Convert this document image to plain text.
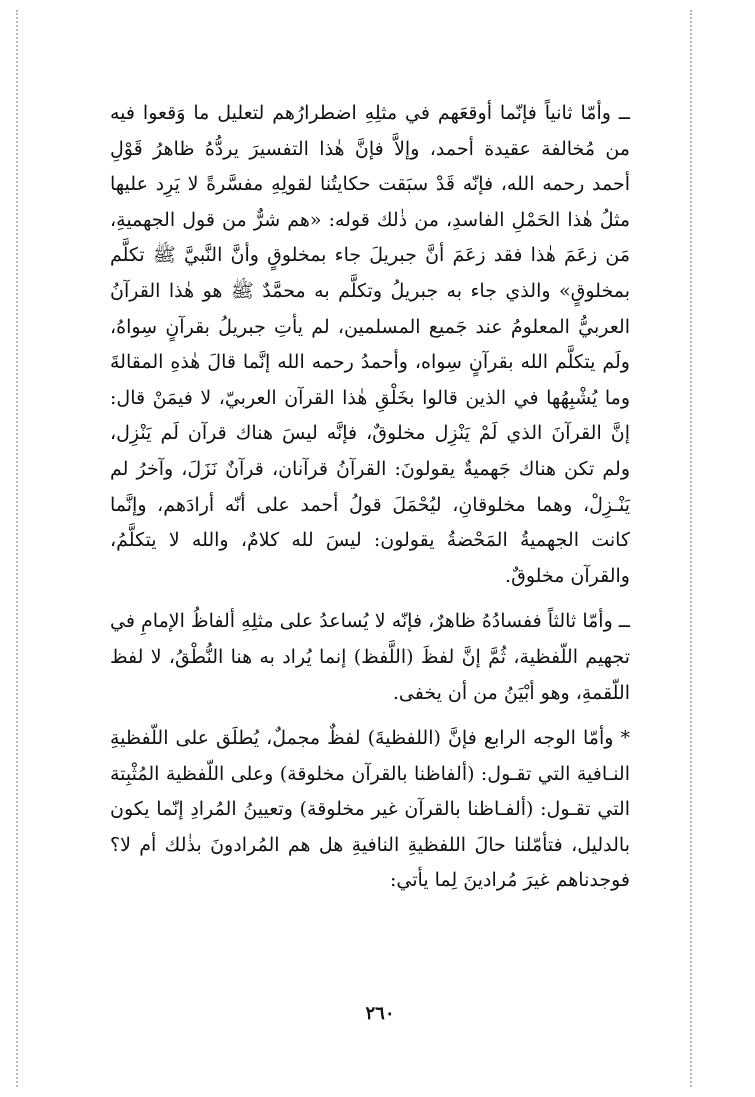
ــ وأمّا ثانياً فإنّما أوقعَهم في مثلِهِ اضطرارُهم لتعليل ما وَقعوا فيه من مُخالفة عقيدة أحمد، وإلاَّ فإنَّ هٰذا التفسيرَ يردُّهُ ظاهرُ قَوْلِ أحمد رحمه الله، فإنّه قَدْ سبَقت حكايتُنا لقولِهِ مفسَّرةً لا يَرِد عليها مثلُ هٰذا الحَمْلِ الفاسدِ، من ذٰلك قوله: «هم شرٌّ من قول الجهميةِ، مَن زعَمَ هٰذا فقد زعَمَ أنَّ جبريلَ جاء بمخلوقٍ وأنَّ النَّبيَّ ﷺ تكلَّم بمخلوقٍ» والذي جاء به جبريلُ وتكلَّم به محمَّدٌ ﷺ هو هٰذا القرآنُ العربيُّ المعلومُ عند جَميع المسلمين، لم يأتِ جبريلُ بقرآنٍ سِواهُ، ولَم يتكلَّم الله بقرآنٍ سِواه، وأحمدُ رحمه الله إنَّما قالَ هٰذهِ المقالةَ وما يُشْبِهُها في الذين قالوا بخَلْقِ هٰذا القرآن العربيّ، لا فيمَنْ قال: إنَّ القرآنَ الذي لَمْ يَنْزِل مخلوقٌ، فإنَّه ليسَ هناك قرآن لَم يَنْزِل، ولم تكن هناك جَهميةٌ يقولونَ: القرآنُ قرآنان، قرآنٌ نَزَلَ، وآخرُ لم يَنْـزِلْ، وهما مخلوقانِ، ليُحْمَلَ قولُ أحمد على أنّه أرادَهم، وإنَّما كانت الجهميةُ المَحْضةُ يقولون: ليسَ لله كلامٌ، والله لا يتكلَّمُ، والقرآن مخلوقٌ.

ــ وأمّا ثالثاً ففسادُهُ ظاهرٌ، فإنّه لا يُساعدُ على مثلِهِ ألفاظُ الإمامِ في تجهيم اللّفظية، ثُمَّ إنَّ لفظَ (اللَّفظ) إنما يُراد به هنا النُّطْقُ، لا لفظ اللّقمةِ، وهو أبْيَنُ من أن يخفى.

* وأمّا الوجه الرابع فإنَّ (اللفظيةَ) لفظٌ مجملٌ، يُطلَق على اللّفظيةِ النـافية التي تقـول: (ألفاظنا بالقرآن مخلوقة) وعلى اللّفظية المُثْبِتة التي تقـول: (ألفـاظنا بالقرآن غير مخلوقة) وتعيينُ المُرادِ إنّما يكون بالدليل، فتأمّلنا حالَ اللفظيةِ النافيةِ هل هم المُرادونَ بذٰلك أم لا؟ فوجدناهم غيرَ مُرادينَ لِما يأتي:

٢٦٠
